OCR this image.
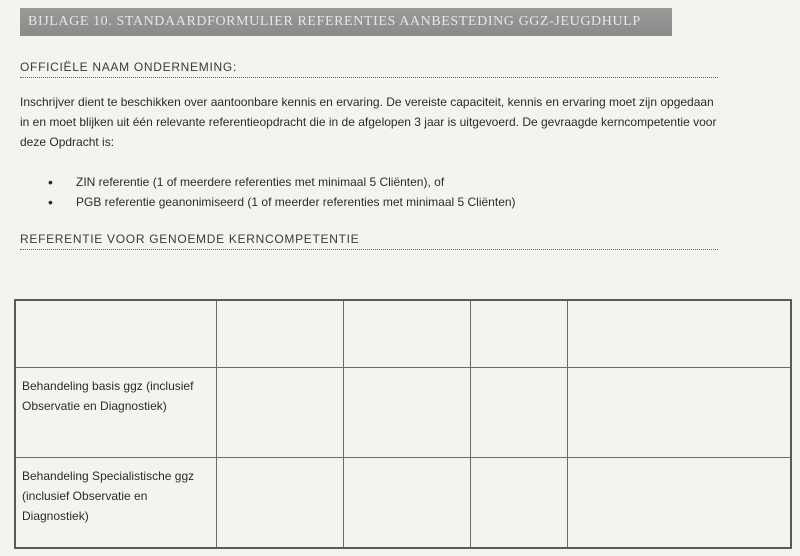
BIJLAGE 10. STANDAARDFORMULIER REFERENTIES AANBESTEDING GGZ-JEUGDHULP
OFFICIËLE NAAM ONDERNEMING:
Inschrijver dient te beschikken over aantoonbare kennis en ervaring. De vereiste capaciteit, kennis en ervaring moet zijn opgedaan in en moet blijken uit één relevante referentieopdracht die in de afgelopen 3 jaar is uitgevoerd. De gevraagde kerncompetentie voor deze Opdracht is:
• ZIN referentie (1 of meerdere referenties met minimaal 5 Cliënten), of
• PGB referentie geanonimiseerd (1 of meerder referenties met minimaal 5 Cliënten)
REFERENTIE VOOR GENOEMDE KERNCOMPETENTIE

Behandeling basis ggz (inclusief Observatie en Diagnostiek)				
Behandeling Specialistische ggz (inclusief Observatie en Diagnostiek)				
